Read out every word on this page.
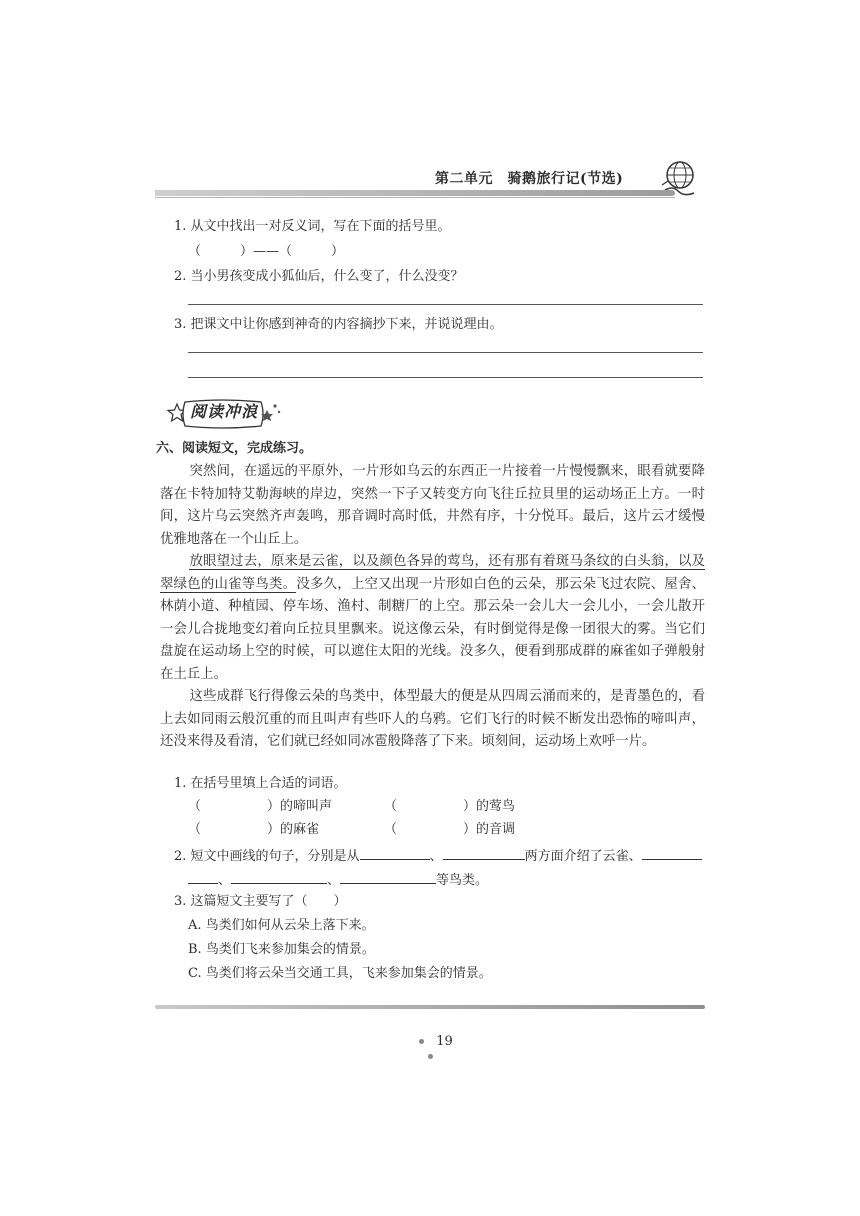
第二单元　骑鹅旅行记(节选)
1. 从文中找出一对反义词，写在下面的括号里。
（　　　）——（　　　）
2. 当小男孩变成小狐仙后，什么变了，什么没变？
3. 把课文中让你感到神奇的内容摘抄下来，并说说理由。
阅读冲浪
六、阅读短文，完成练习。

突然间，在遥远的平原外，一片形如乌云的东西正一片接着一片慢慢飘来，眼看就要降落在卡特加特艾勒海峡的岸边，突然一下子又转变方向飞往丘拉貝里的运动场正上方。一时间，这片乌云突然齐声轰鸣，那音调时高时低，井然有序，十分悦耳。最后，这片云才缓慢优雅地落在一个山丘上。

放眼望过去，原来是云雀，以及颜色各异的莺鸟，还有那有着斑马条纹的白头翁，以及翠绿色的山雀等鸟类。没多久，上空又出现一片形如白色的云朵，那云朵飞过农院、屋舍、林荫小道、种植园、停车场、渔村、制糖厂的上空。那云朵一会儿大一会儿小，一会儿散开一会儿合拢地变幻着向丘拉貝里飘来。说这像云朵，有时倒觉得是像一团很大的雾。当它们盘旋在运动场上空的时候，可以遮住太阳的光线。没多久，便看到那成群的麻雀如子弹般射在土丘上。

这些成群飞行得像云朵的鸟类中，体型最大的便是从四周云涌而来的，是青墨色的，看上去如同雨云般沉重的而且叫声有些吓人的乌鸦。它们飞行的时候不断发出恐怖的啼叫声，还没来得及看清，它们就已经如同冰雹般降落了下来。顷刻间，运动场上欢呼一片。

1. 在括号里填上合适的词语。
（	）的啼叫声	（	）的莺鸟
（	）的麻雀	（	）的音调
2. 短文中画线的句子，分别是从	、	两方面介绍了云雀、
、	、	等鸟类。
3. 这篇短文主要写了（　　）
A. 鸟类们如何从云朵上落下来。
B. 鸟类们飞来参加集会的情景。
C. 鸟类们将云朵当交通工具，飞来参加集会的情景。
19
